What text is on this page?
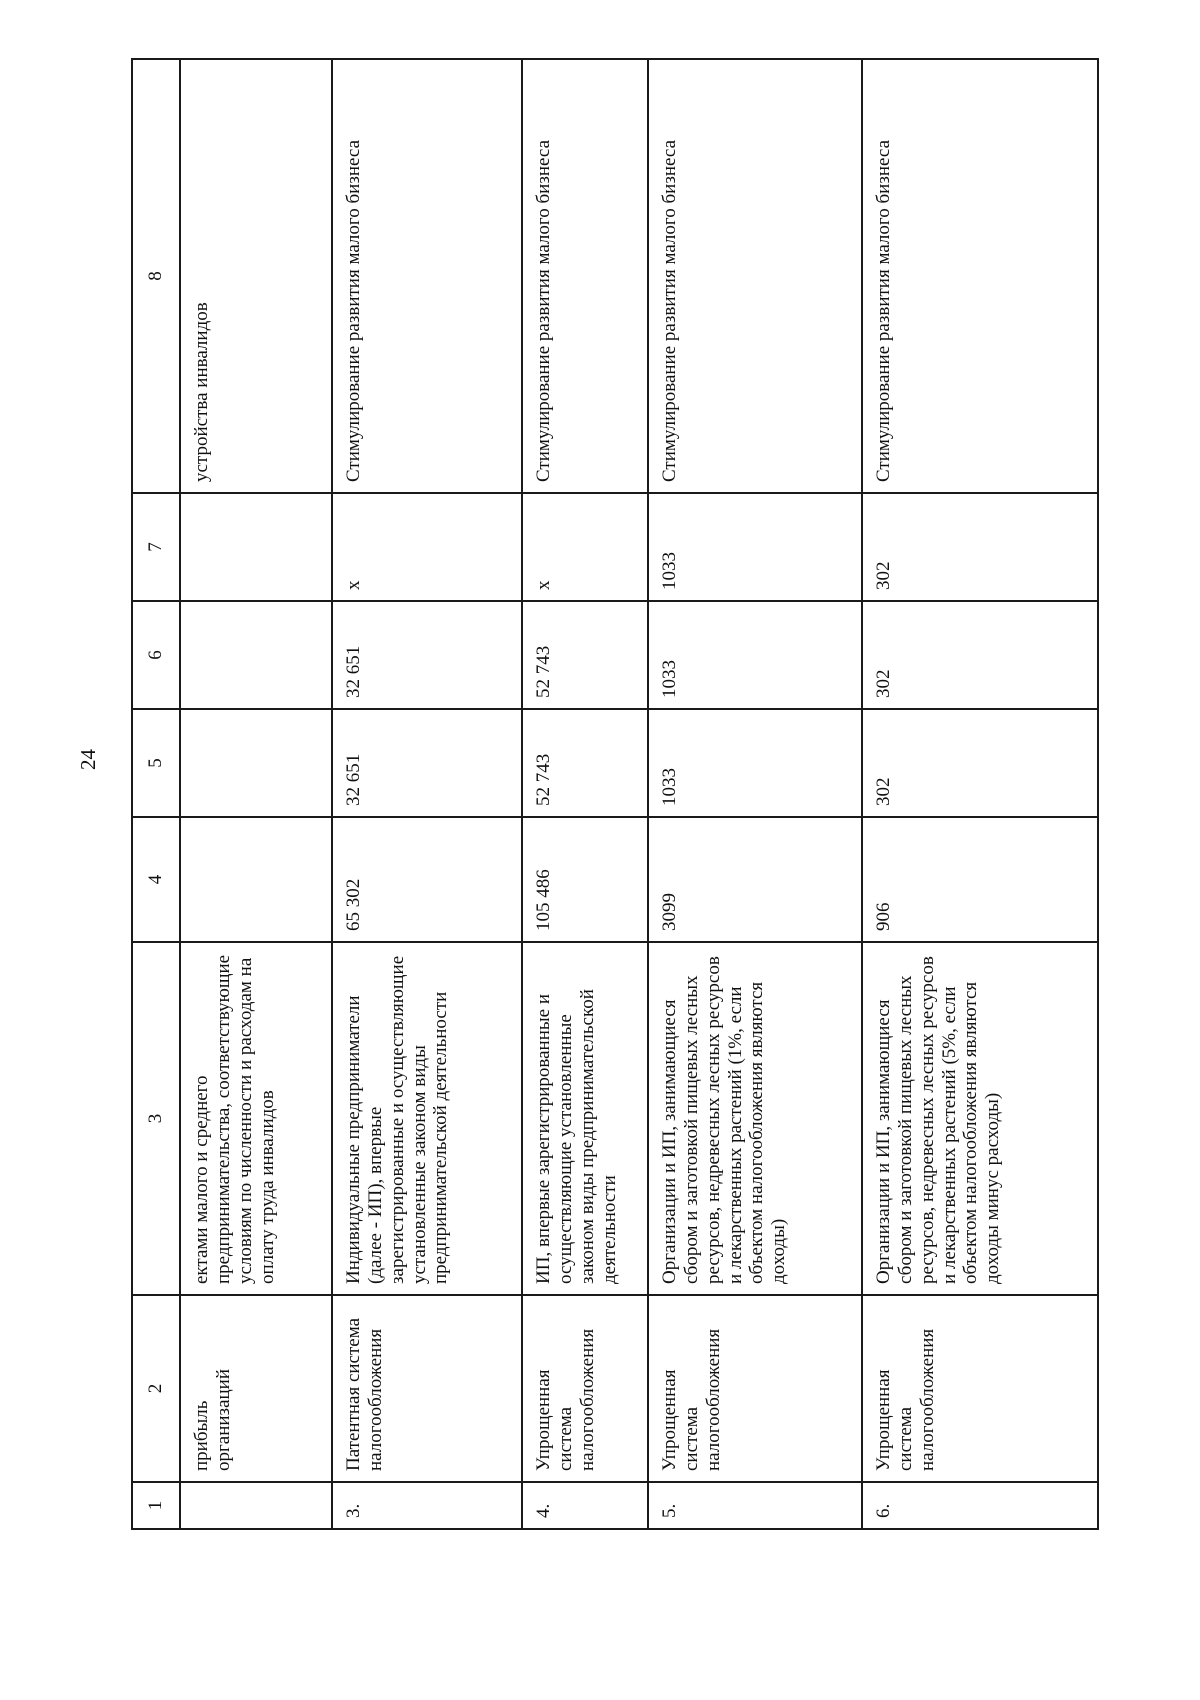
24
1	2	3	4	5	6	7	8
	прибыль организаций	ектами малого и среднего предпринимательства, соответствующие условиям по численности и расходам на оплату труда инвалидов					устройства инвалидов
3.	Патентная система налогообложения	Индивидуальные предприниматели (далее - ИП), впервые зарегистрированные и осуществляющие установленные законом виды предпринимательской деятельности	65 302	32 651	32 651	х	Стимулирование развития малого бизнеса
4.	Упрощенная система налогообложения	ИП, впервые зарегистрированные и осуществляющие установленные законом виды предпринимательской деятельности	105 486	52 743	52 743	х	Стимулирование развития малого бизнеса
5.	Упрощенная система налогообложения	Организации и ИП, занимающиеся сбором и заготовкой пищевых лесных ресурсов, недревесных лесных ресурсов и лекарственных растений (1%, если объектом налогообложения являются доходы)	3099	1033	1033	1033	Стимулирование развития малого бизнеса
6.	Упрощенная система налогообложения	Организации и ИП, занимающиеся сбором и заготовкой пищевых лесных ресурсов, недревесных лесных ресурсов и лекарственных растений (5%, если объектом налогообложения являются доходы минус расходы)	906	302	302	302	Стимулирование развития малого бизнеса
